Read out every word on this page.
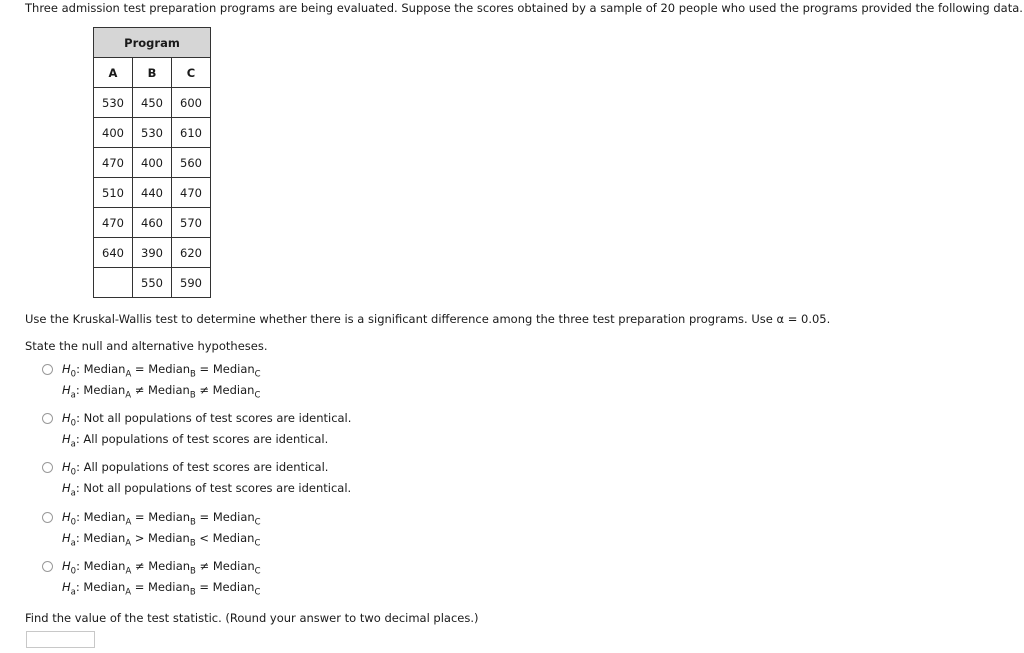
Three admission test preparation programs are being evaluated. Suppose the scores obtained by a sample of 20 people who used the programs provided the following data.
Program		
A	B	C
530	450	600
400	530	610
470	400	560
510	440	470
470	460	570
640	390	620
	550	590
Use the Kruskal-Wallis test to determine whether there is a significant difference among the three test preparation programs. Use α = 0.05.
State the null and alternative hypotheses.
$H_0$: Median$_A$ = Median$_B$ = Median$_C$
$H_a$: Median$_A$ ≠ Median$_B$ ≠ Median$_C$
$H_0$: Not all populations of test scores are identical.
$H_a$: All populations of test scores are identical.
$H_0$: All populations of test scores are identical.
$H_a$: Not all populations of test scores are identical.
$H_0$: Median$_A$ = Median$_B$ = Median$_C$
$H_a$: Median$_A$ > Median$_B$ < Median$_C$
$H_0$: Median$_A$ ≠ Median$_B$ ≠ Median$_C$
$H_a$: Median$_A$ = Median$_B$ = Median$_C$
Find the value of the test statistic. (Round your answer to two decimal places.)
